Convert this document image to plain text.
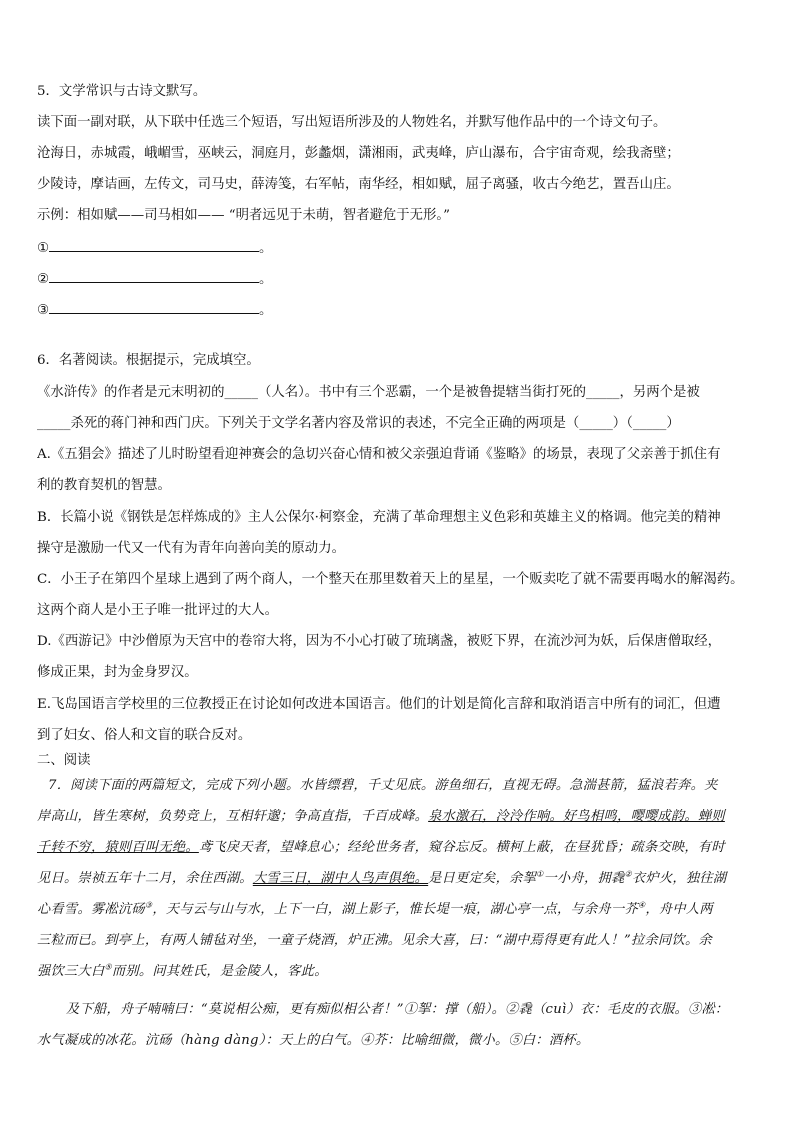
5．文学常识与古诗文默写。
读下面一副对联，从下联中任选三个短语，写出短语所涉及的人物姓名，并默写他作品中的一个诗文句子。
沧海日，赤城霞，峨嵋雪，巫峡云，洞庭月，彭蠡烟，潇湘雨，武夷峰，庐山瀑布，合宇宙奇观，绘我斋壁；
少陵诗，摩诘画，左传文，司马史，薛涛笺，右军帖，南华经，相如赋，屈子离骚，收古今绝艺，置吾山庄。
示例：相如赋——司马相如—— “明者远见于未萌，智者避危于无形。”
①	。
②	。
③	。
6．名著阅读。根据提示，完成填空。
《水浒传》的作者是元末明初的_____（人名）。书中有三个恶霸，一个是被鲁提辖当街打死的_____，另两个是被
_____杀死的蒋门神和西门庆。下列关于文学名著内容及常识的表述，不完全正确的两项是（_____）（_____）
A.《五猖会》描述了儿时盼望看迎神赛会的急切兴奋心情和被父亲强迫背诵《鉴略》的场景，表现了父亲善于抓住有
利的教育契机的智慧。
B．长篇小说《钢铁是怎样炼成的》主人公保尔·柯察金，充满了革命理想主义色彩和英雄主义的格调。他完美的精神
操守是激励一代又一代有为青年向善向美的原动力。
C．小王子在第四个星球上遇到了两个商人，一个整天在那里数着天上的星星，一个贩卖吃了就不需要再喝水的解渴药。
这两个商人是小王子唯一批评过的大人。
D.《西游记》中沙僧原为天宫中的卷帘大将，因为不小心打破了琉璃盏，被贬下界，在流沙河为妖，后保唐僧取经，
修成正果，封为金身罗汉。
E.飞岛国语言学校里的三位教授正在讨论如何改进本国语言。他们的计划是简化言辞和取消语言中所有的词汇，但遭
到了妇女、俗人和文盲的联合反对。
二、阅读
7．阅读下面的两篇短文，完成下列小题。水皆缥碧，千丈见底。游鱼细石，直视无碍。急湍甚箭，猛浪若奔。夹
岸高山，皆生寒树，负势竞上，互相轩邈；争高直指，千百成峰。泉水激石，泠泠作响。好鸟相鸣，嘤嘤成韵。蝉则
千转不穷，猿则百叫无绝。鸢飞戾天者，望峰息心；经纶世务者，窥谷忘反。横柯上蔽，在昼犹昏；疏条交映，有时
见日。崇祯五年十二月，余住西湖。大雪三日，湖中人鸟声俱绝。是日更定矣，余挐①一小舟，拥毳②衣炉火，独往湖
心看雪。雾凇沆砀③，天与云与山与水，上下一白，湖上影子，惟长堤一痕，湖心亭一点，与余舟一芥④，舟中人两
三粒而已。到亭上，有两人铺毡对坐，一童子烧酒，炉正沸。见余大喜，曰：“湖中焉得更有此人！”拉余同饮。余
强饮三大白⑤而别。问其姓氏，是金陵人，客此。
及下船，舟子喃喃曰：“莫说相公痴，更有痴似相公者！”①挐：撑（船）。②毳（cuì）衣：毛皮的衣服。③凇：
水气凝成的冰花。沆砀（hàng dàng）：天上的白气。④芥：比喻细微，微小。⑤白：酒杯。
